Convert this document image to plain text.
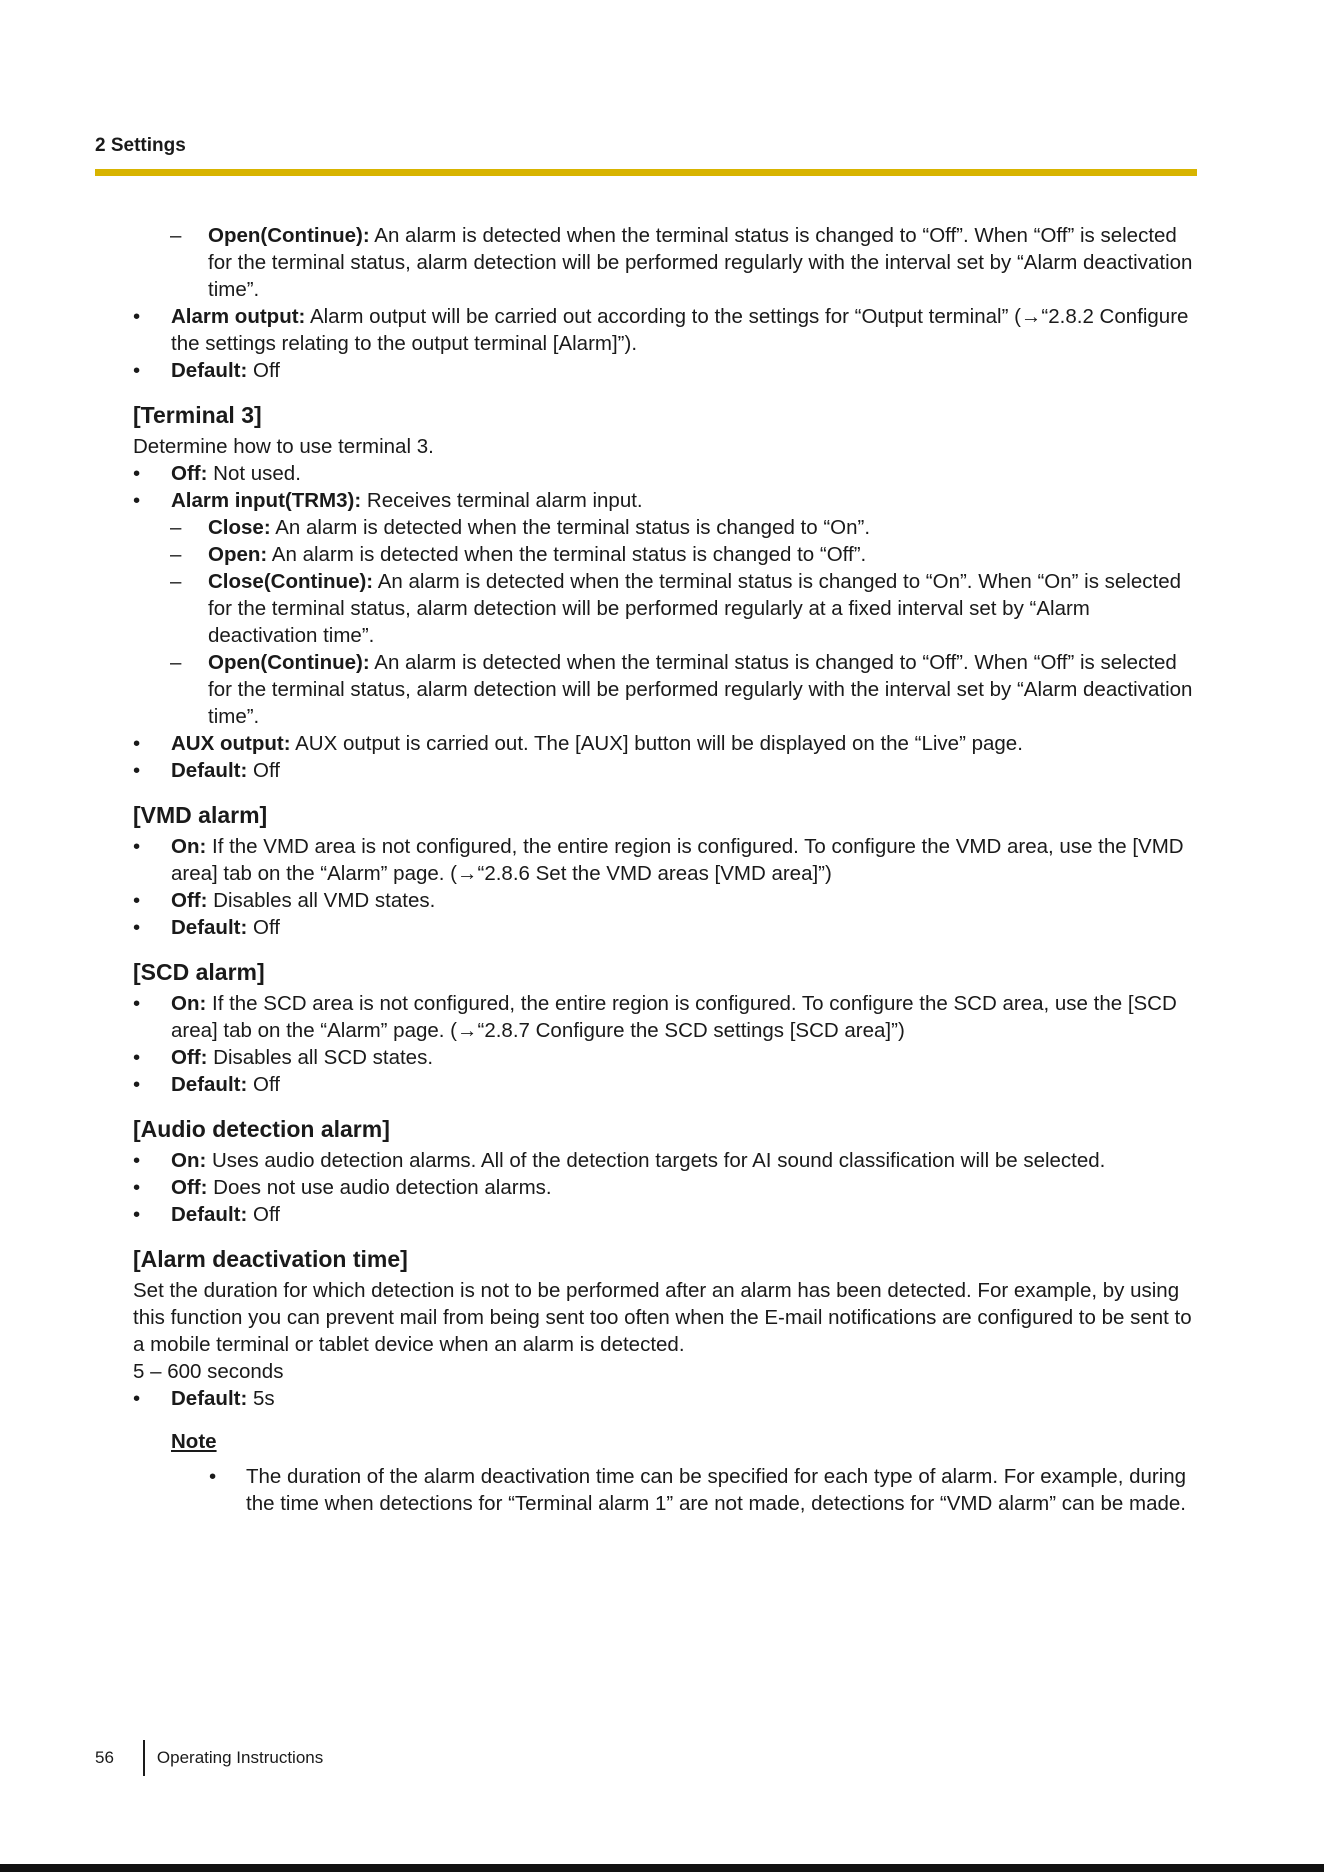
2 Settings
– Open(Continue): An alarm is detected when the terminal status is changed to “Off”. When “Off” is selected for the terminal status, alarm detection will be performed regularly with the interval set by “Alarm deactivation time”.
• Alarm output: Alarm output will be carried out according to the settings for “Output terminal” (→“2.8.2 Configure the settings relating to the output terminal [Alarm]”).
• Default: Off
[Terminal 3]
Determine how to use terminal 3.
• Off: Not used.
• Alarm input(TRM3): Receives terminal alarm input.
– Close: An alarm is detected when the terminal status is changed to “On”.
– Open: An alarm is detected when the terminal status is changed to “Off”.
– Close(Continue): An alarm is detected when the terminal status is changed to “On”. When “On” is selected for the terminal status, alarm detection will be performed regularly at a fixed interval set by “Alarm deactivation time”.
– Open(Continue): An alarm is detected when the terminal status is changed to “Off”. When “Off” is selected for the terminal status, alarm detection will be performed regularly with the interval set by “Alarm deactivation time”.
• AUX output: AUX output is carried out. The [AUX] button will be displayed on the “Live” page.
• Default: Off
[VMD alarm]
• On: If the VMD area is not configured, the entire region is configured. To configure the VMD area, use the [VMD area] tab on the “Alarm” page. (→“2.8.6 Set the VMD areas [VMD area]”)
• Off: Disables all VMD states.
• Default: Off
[SCD alarm]
• On: If the SCD area is not configured, the entire region is configured. To configure the SCD area, use the [SCD area] tab on the “Alarm” page. (→“2.8.7 Configure the SCD settings [SCD area]”)
• Off: Disables all SCD states.
• Default: Off
[Audio detection alarm]
• On: Uses audio detection alarms. All of the detection targets for AI sound classification will be selected.
• Off: Does not use audio detection alarms.
• Default: Off
[Alarm deactivation time]
Set the duration for which detection is not to be performed after an alarm has been detected. For example, by using this function you can prevent mail from being sent too often when the E-mail notifications are configured to be sent to a mobile terminal or tablet device when an alarm is detected.
5 – 600 seconds
• Default: 5s
Note
• The duration of the alarm deactivation time can be specified for each type of alarm. For example, during the time when detections for “Terminal alarm 1” are not made, detections for “VMD alarm” can be made.
56	Operating Instructions
